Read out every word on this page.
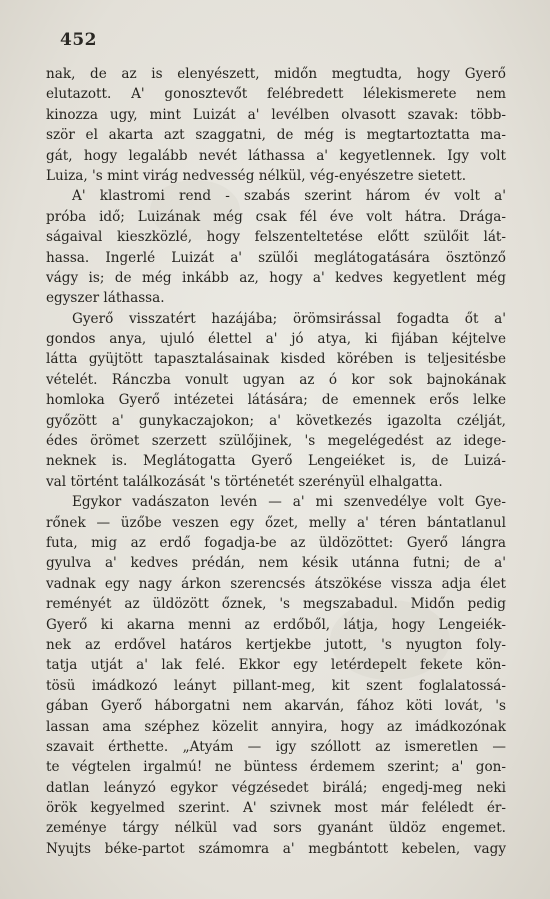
452
nak, de az is elenyészett, midőn megtudta, hogy Gyerő
elutazott. A' gonosztevőt felébredett lélekismerete nem
kinozza ugy, mint Luizát a' levélben olvasott szavak: több-
ször el akarta azt szaggatni, de még is megtartoztatta ma-
gát, hogy legalább nevét láthassa a' kegyetlennek. Igy volt
Luiza, 's mint virág nedvesség nélkül, vég-enyészetre sietett.
A' klastromi rend - szabás szerint három év volt a'
próba idő; Luizának még csak fél éve volt hátra. Drága-
ságaival kieszközlé, hogy felszenteltetése előtt szülőit lát-
hassa. Ingerlé Luizát a' szülői meglátogatására ösztönző
vágy is; de még inkább az, hogy a' kedves kegyetlent még
egyszer láthassa.
Gyerő visszatért hazájába; örömsirással fogadta őt a'
gondos anya, ujuló élettel a' jó atya, ki fijában kéjtelve
látta gyüjtött tapasztalásainak kisded körében is teljesitésbe
vételét. Ránczba vonult ugyan az ó kor sok bajnokának
homloka Gyerő intézetei látására; de emennek erős lelke
győzött a' gunykaczajokon; a' következés igazolta czélját,
édes örömet szerzett szülőjinek, 's megelégedést az idege-
neknek is. Meglátogatta Gyerő Lengeiéket is, de Luizá-
val történt találkozását 's történetét szerényül elhalgatta.
Egykor vadászaton levén — a' mi szenvedélye volt Gye-
rőnek — üzőbe veszen egy őzet, melly a' téren bántatlanul
futa, mig az erdő fogadja-be az üldözöttet: Gyerő lángra
gyulva a' kedves prédán, nem késik utánna futni; de a'
vadnak egy nagy árkon szerencsés átszökése vissza adja élet
reményét az üldözött őznek, 's megszabadul. Midőn pedig
Gyerő ki akarna menni az erdőből, látja, hogy Lengeiék-
nek az erdővel határos kertjekbe jutott, 's nyugton foly-
tatja utját a' lak felé. Ekkor egy letérdepelt fekete kön-
tösü imádkozó leányt pillant-meg, kit szent foglalatossá-
gában Gyerő háborgatni nem akarván, fához köti lovát, 's
lassan ama széphez közelit annyira, hogy az imádkozónak
szavait érthette. „Atyám — igy szóllott az ismeretlen —
te végtelen irgalmú! ne büntess érdemem szerint; a' gon-
datlan leányzó egykor végzésedet birálá; engedj-meg neki
örök kegyelmed szerint. A' szivnek most már feléledt ér-
zeménye tárgy nélkül vad sors gyanánt üldöz engemet.
Nyujts béke-partot számomra a' megbántott kebelen, vagy
